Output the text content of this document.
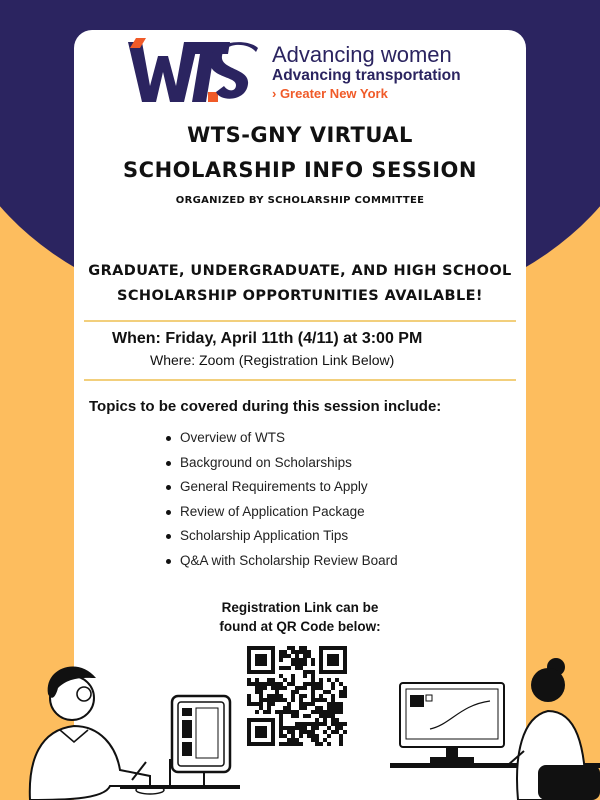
Advancing women
Advancing transportation
› Greater New York
WTS-GNY VIRTUAL
SCHOLARSHIP INFO SESSION
ORGANIZED BY SCHOLARSHIP COMMITTEE
GRADUATE, UNDERGRADUATE, AND HIGH SCHOOL
SCHOLARSHIP OPPORTUNITIES AVAILABLE!
When: Friday, April 11th (4/11) at 3:00 PM
Where: Zoom (Registration Link Below)
Topics to be covered during this session include:
Overview of WTS
Background on Scholarships
General Requirements to Apply
Review of Application Package
Scholarship Application Tips
Q&A with Scholarship Review Board
Registration Link can be
found at QR Code below:
